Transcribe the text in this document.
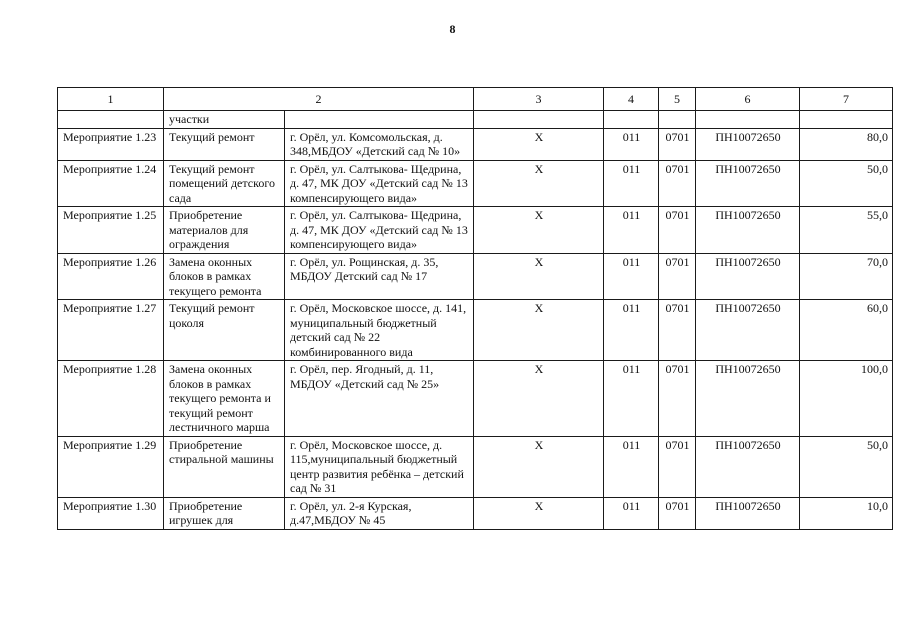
8
1	2		3	4	5	6	7
	участки						
Мероприятие 1.23	Текущий ремонт	г. Орёл, ул. Комсомольская, д. 348,МБДОУ «Детский сад № 10»	Х	011	0701	ПН10072650	80,0
Мероприятие 1.24	Текущий ремонт помещений детского сада	г. Орёл, ул. Салтыкова- Щедрина, д. 47, МК ДОУ «Детский сад № 13 компенсирующего вида»	Х	011	0701	ПН10072650	50,0
Мероприятие 1.25	Приобретение материалов для ограждения	г. Орёл, ул. Салтыкова- Щедрина, д. 47, МК ДОУ «Детский сад № 13 компенсирующего вида»	Х	011	0701	ПН10072650	55,0
Мероприятие 1.26	Замена оконных блоков в рамках текущего ремонта	г. Орёл, ул. Рощинская, д. 35, МБДОУ Детский сад № 17	Х	011	0701	ПН10072650	70,0
Мероприятие 1.27	Текущий ремонт цоколя	г. Орёл, Московское шоссе, д. 141, муниципальный бюджетный детский сад № 22 комбинированного вида	Х	011	0701	ПН10072650	60,0
Мероприятие 1.28	Замена оконных блоков в рамках текущего ремонта и текущий ремонт лестничного марша	г. Орёл, пер. Ягодный, д. 11, МБДОУ «Детский сад № 25»	Х	011	0701	ПН10072650	100,0
Мероприятие 1.29	Приобретение стиральной машины	г. Орёл, Московское шоссе, д. 115,муниципальный бюджетный центр развития ребёнка – детский сад № 31	Х	011	0701	ПН10072650	50,0
Мероприятие 1.30	Приобретение игрушек для	г. Орёл, ул. 2-я Курская, д.47,МБДОУ № 45	Х	011	0701	ПН10072650	10,0
